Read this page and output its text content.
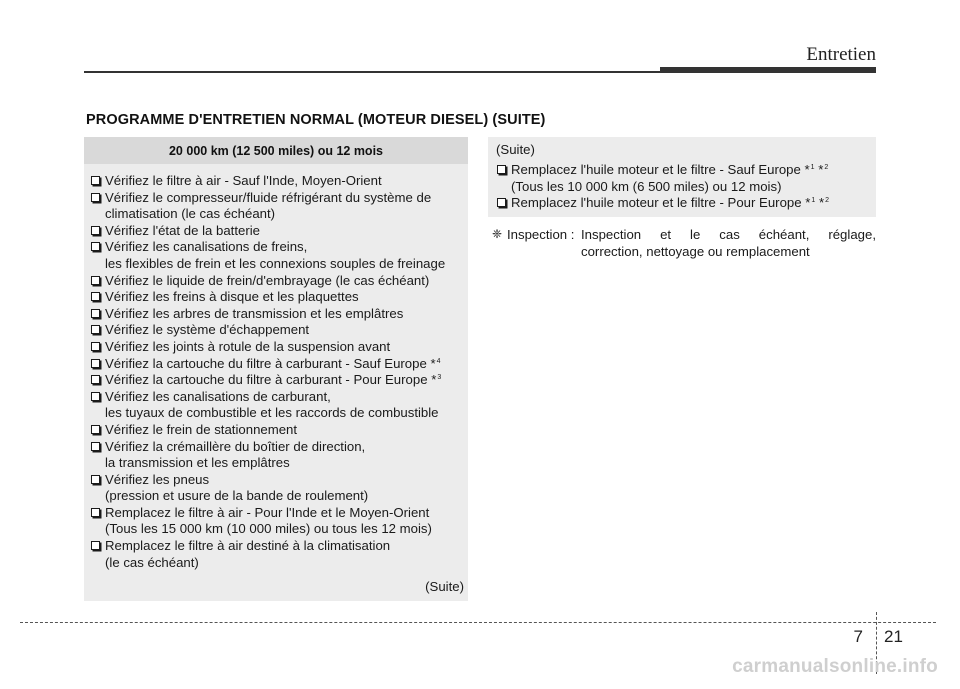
Entretien
PROGRAMME D'ENTRETIEN NORMAL (MOTEUR DIESEL) (SUITE)
20 000 km (12 500 miles) ou 12 mois
Vérifiez le filtre à air - Sauf l'Inde, Moyen-Orient
Vérifiez le compresseur/fluide réfrigérant du système de
climatisation (le cas échéant)
Vérifiez l'état de la batterie
Vérifiez les canalisations de freins,
les flexibles de frein et les connexions souples de freinage
Vérifiez le liquide de frein/d'embrayage (le cas échéant)
Vérifiez les freins à disque et les plaquettes
Vérifiez les arbres de transmission et les emplâtres
Vérifiez le système d'échappement
Vérifiez les joints à rotule de la suspension avant
Vérifiez la cartouche du filtre à carburant - Sauf Europe *$^4$
Vérifiez la cartouche du filtre à carburant - Pour Europe *$^3$
Vérifiez les canalisations de carburant,
les tuyaux de combustible et les raccords de combustible
Vérifiez le frein de stationnement
Vérifiez la crémaillère du boîtier de direction,
la transmission et les emplâtres
Vérifiez les pneus
(pression et usure de la bande de roulement)
Remplacez le filtre à air - Pour l'Inde et le Moyen-Orient
(Tous les 15 000 km (10 000 miles) ou tous les 12 mois)
Remplacez le filtre à air destiné à la climatisation
(le cas échéant)
(Suite)
(Suite)
Remplacez l'huile moteur et le filtre - Sauf Europe *$^1$ *$^2$
(Tous les 10 000 km (6 500 miles) ou 12 mois)
Remplacez l'huile moteur et le filtre - Pour Europe *$^1$ *$^2$
❈ Inspection : Inspection et le cas échéant, réglage,
correction, nettoyage ou remplacement
7 21
carmanualsonline.info
